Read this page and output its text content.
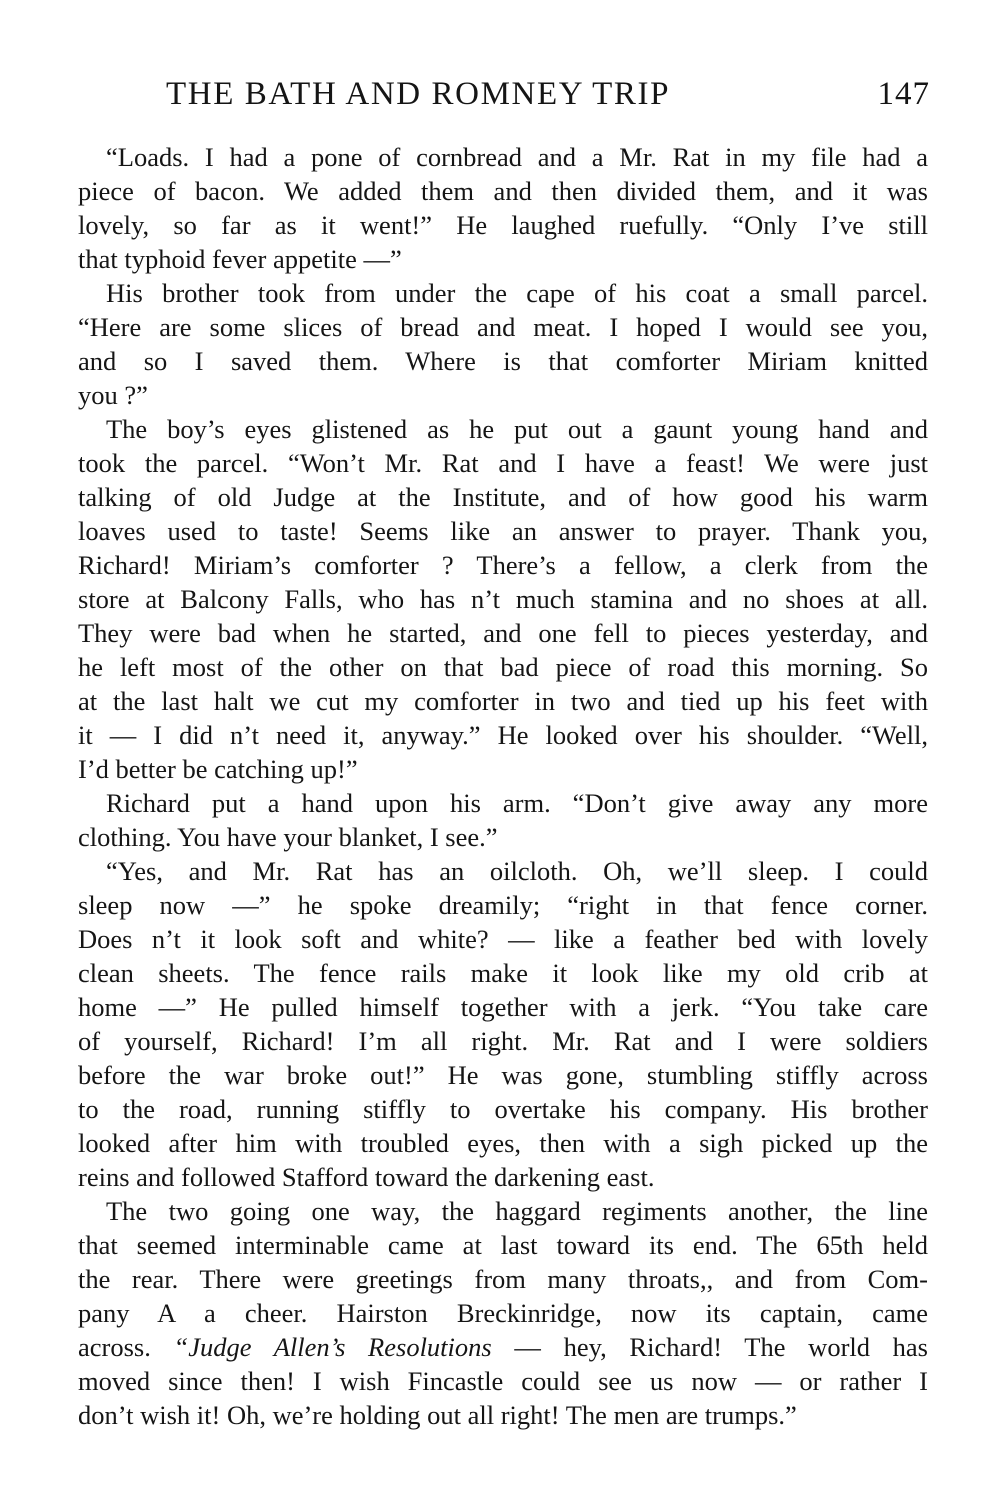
THE BATH AND ROMNEY TRIP	147
“Loads. I had a pone of cornbread and a Mr. Rat in my file had a
piece of bacon. We added them and then divided them, and it was
lovely, so far as it went!” He laughed ruefully. “Only I’ve still
that typhoid fever appetite —”
His brother took from under the cape of his coat a small parcel.
“Here are some slices of bread and meat. I hoped I would see you,
and so I saved them. Where is that comforter Miriam knitted
you ?”
The boy’s eyes glistened as he put out a gaunt young hand and
took the parcel. “Won’t Mr. Rat and I have a feast! We were just
talking of old Judge at the Institute, and of how good his warm
loaves used to taste! Seems like an answer to prayer. Thank you,
Richard! Miriam’s comforter ? There’s a fellow, a clerk from the
store at Balcony Falls, who has n’t much stamina and no shoes at all.
They were bad when he started, and one fell to pieces yesterday, and
he left most of the other on that bad piece of road this morning. So
at the last halt we cut my comforter in two and tied up his feet with
it — I did n’t need it, anyway.” He looked over his shoulder. “Well,
I’d better be catching up!”
Richard put a hand upon his arm. “Don’t give away any more
clothing. You have your blanket, I see.”
“Yes, and Mr. Rat has an oilcloth. Oh, we’ll sleep. I could
sleep now —” he spoke dreamily; “right in that fence corner.
Does n’t it look soft and white? — like a feather bed with lovely
clean sheets. The fence rails make it look like my old crib at
home —” He pulled himself together with a jerk. “You take care
of yourself, Richard! I’m all right. Mr. Rat and I were soldiers
before the war broke out!” He was gone, stumbling stiffly across
to the road, running stiffly to overtake his company. His brother
looked after him with troubled eyes, then with a sigh picked up the
reins and followed Stafford toward the darkening east.
The two going one way, the haggard regiments another, the line
that seemed interminable came at last toward its end. The 65th held
the rear. There were greetings from many throats,, and from Com-
pany A a cheer. Hairston Breckinridge, now its captain, came
across. “Judge Allen’s Resolutions — hey, Richard! The world has
moved since then! I wish Fincastle could see us now — or rather I
don’t wish it! Oh, we’re holding out all right! The men are trumps.”
